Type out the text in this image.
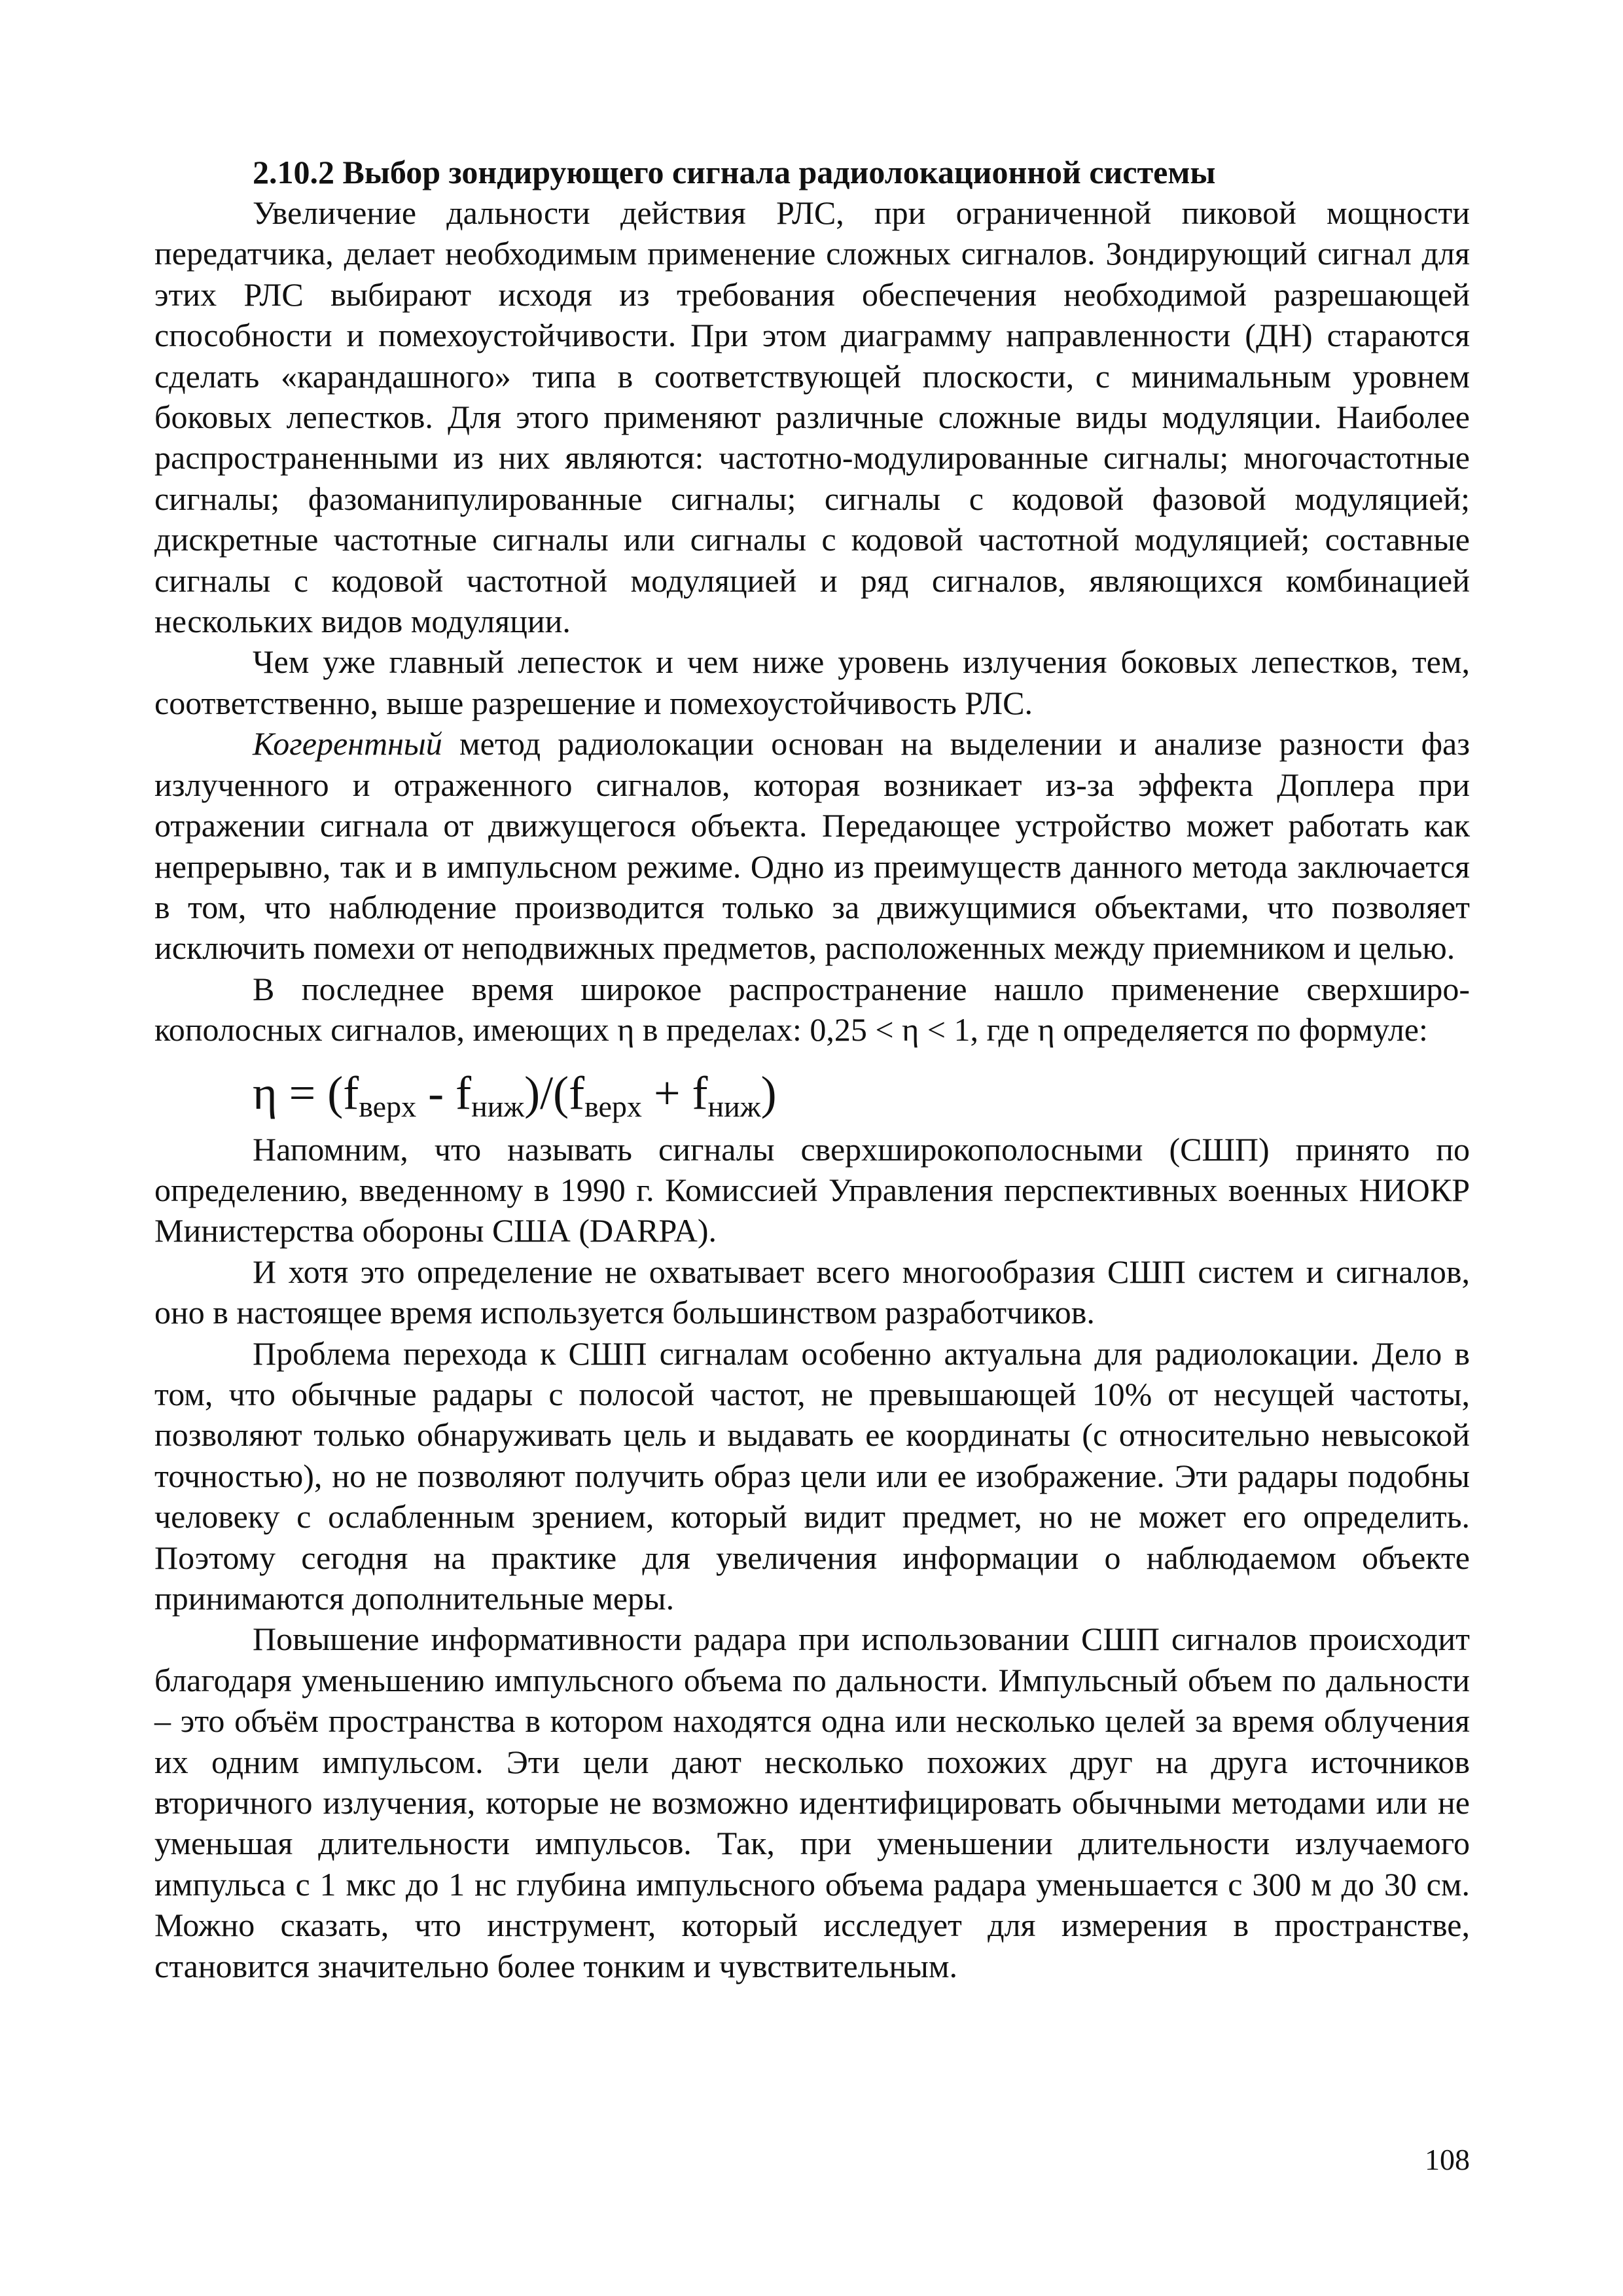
2.10.2 Выбор зондирующего сигнала радиолокационной системы

Увеличение дальности действия РЛС, при ограниченной пиковой мощности передатчика, делает необходимым применение сложных сигналов. Зондирующий сигнал для этих РЛС выбирают исходя из требования обеспечения необходимой разрешающей способности и помехоустойчивости. При этом диаграмму направленности (ДН) стараются сделать «карандашного» типа в соответствующей плоскости, с минимальным уровнем боковых лепестков. Для этого применяют различные сложные виды модуляции. Наиболее распространенными из них являются: частотно-модулированные сигналы; многочастотные сигналы; фазоманипулированные сигналы; сигналы с кодовой фазовой модуляцией; дискретные частотные сигналы или сигналы с кодовой частотной модуляцией; составные сигналы с кодовой частотной модуляцией и ряд сигналов, являющихся комбинацией нескольких видов модуляции.

Чем уже главный лепесток и чем ниже уровень излучения боковых лепестков, тем, соответственно, выше разрешение и помехоустойчивость РЛС.

Когерентный метод радиолокации основан на выделении и анализе разности фаз излученного и отраженного сигналов, которая возникает из-за эффекта Доплера при отражении сигнала от движущегося объекта. Передающее устройство может работать как непрерывно, так и в импульсном режиме. Одно из преимуществ данного метода заключается в том, что наблюдение производится только за движущимися объектами, что позволяет исключить помехи от неподвижных предметов, расположенных между приемником и целью.

В последнее время широкое распространение нашло применение сверхширокополосных сигналов, имеющих η в пределах: 0,25 < η < 1, где η определяется по формуле:

$\eta = (f_{верх} - f_{ниж})/(f_{верх} + f_{ниж})$

Напомним, что называть сигналы сверхширокополосными (СШП) принято по определению, введенному в 1990 г. Комиссией Управления перспективных военных НИОКР Министерства обороны США (DARPA).

И хотя это определение не охватывает всего многообразия СШП систем и сигналов, оно в настоящее время используется большинством разработчиков.

Проблема перехода к СШП сигналам особенно актуальна для радиолокации. Дело в том, что обычные радары с полосой частот, не превышающей 10% от несущей частоты, позволяют только обнаруживать цель и выдавать ее координаты (с относительно невысокой точностью), но не позволяют получить образ цели или ее изображение. Эти радары подобны человеку с ослабленным зрением, который видит предмет, но не может его определить. Поэтому сегодня на практике для увеличения информации о наблюдаемом объекте принимаются дополнительные меры.

Повышение информативности радара при использовании СШП сигналов происходит благодаря уменьшению импульсного объема по дальности. Импульсный объем по дальности – это объём пространства в котором находятся одна или несколько целей за время облучения их одним импульсом. Эти цели дают несколько похожих друг на друга источников вторичного излучения, которые не возможно идентифицировать обычными методами или не уменьшая длительности импульсов. Так, при уменьшении длительности излучаемого импульса с 1 мкс до 1 нс глубина импульсного объема радара уменьшается с 300 м до 30 см. Можно сказать, что инструмент, который исследует для измерения в пространстве, становится значительно более тонким и чувствительным.

108
